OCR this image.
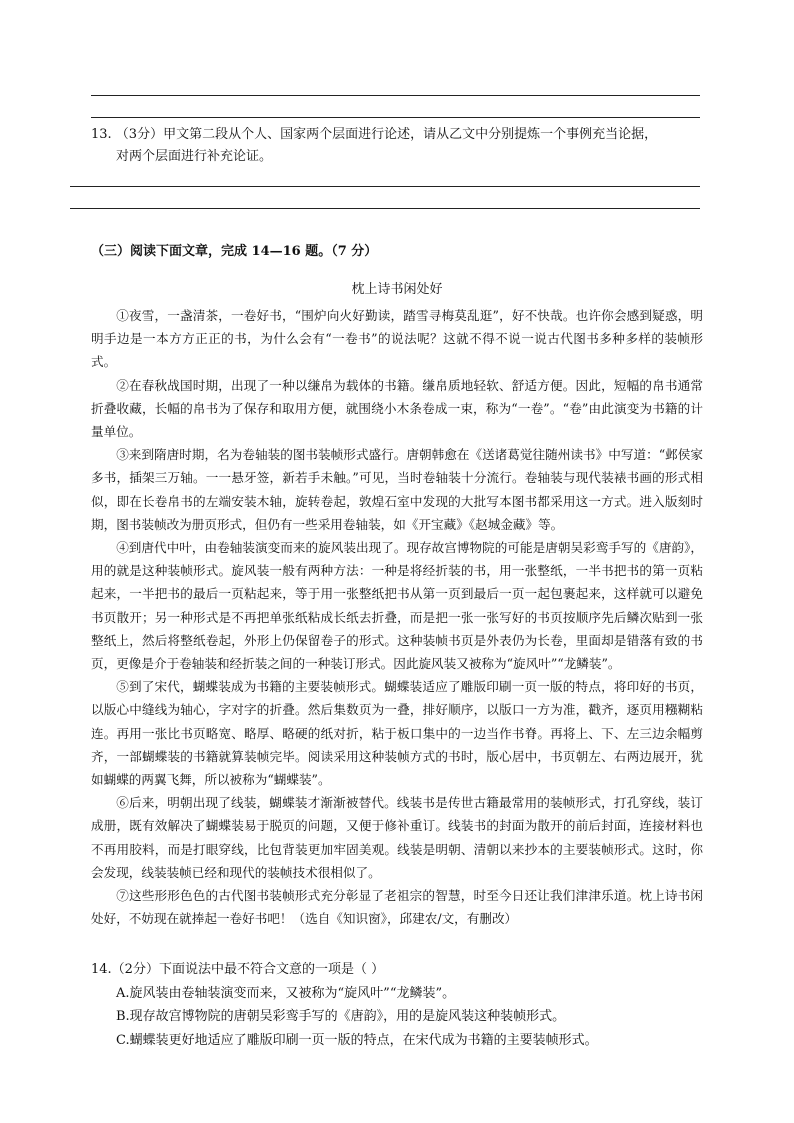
13. （3分）甲文第二段从个人、国家两个层面进行论述，请从乙文中分别提炼一个事例充当论据，
对两个层面进行补充论证。
（三）阅读下面文章，完成 14—16 题。（7 分）
枕上诗书闲处好

①夜雪，一盏清茶，一卷好书，“围炉向火好勤读，踏雪寻梅莫乱逛”，好不快哉。也许你会感到疑惑，明明手边是一本方方正正的书，为什么会有“一卷书”的说法呢？这就不得不说一说古代图书多种多样的装帧形式。

②在春秋战国时期，出现了一种以缣帛为载体的书籍。缣帛质地轻软、舒适方便。因此，短幅的帛书通常折叠收藏，长幅的帛书为了保存和取用方便，就围绕小木条卷成一束，称为“一卷”。“卷”由此演变为书籍的计量单位。

③来到隋唐时期，名为卷轴装的图书装帧形式盛行。唐朝韩愈在《送诸葛觉往随州读书》中写道：“邺侯家多书，插架三万轴。一一悬牙签，新若手未触。”可见，当时卷轴装十分流行。卷轴装与现代装裱书画的形式相似，即在长卷帛书的左端安装木轴，旋转卷起，敦煌石室中发现的大批写本图书都采用这一方式。进入版刻时期，图书装帧改为册页形式，但仍有一些采用卷轴装，如《开宝藏》《赵城金藏》等。

④到唐代中叶，由卷轴装演变而来的旋风装出现了。现存故宫博物院的可能是唐朝吴彩鸾手写的《唐韵》，用的就是这种装帧形式。旋风装一般有两种方法：一种是将经折装的书，用一张整纸，一半书把书的第一页粘起来，一半把书的最后一页粘起来，等于用一张整纸把书从第一页到最后一页一起包裹起来，这样就可以避免书页散开；另一种形式是不再把单张纸粘成长纸去折叠，而是把一张一张写好的书页按顺序先后鳞次贴到一张整纸上，然后将整纸卷起，外形上仍保留卷子的形式。这种装帧书页是外表仍为长卷，里面却是错落有致的书页，更像是介于卷轴装和经折装之间的一种装订形式。因此旋风装又被称为“旋风叶”“龙鳞装”。

⑤到了宋代，蝴蝶装成为书籍的主要装帧形式。蝴蝶装适应了雕版印刷一页一版的特点，将印好的书页，以版心中缝线为轴心，字对字的折叠。然后集数页为一叠，排好顺序，以版口一方为准，戳齐，逐页用糨糊粘连。再用一张比书页略宽、略厚、略硬的纸对折，粘于板口集中的一边当作书脊。再将上、下、左三边余幅剪齐，一部蝴蝶装的书籍就算装帧完毕。阅读采用这种装帧方式的书时，版心居中，书页朝左、右两边展开，犹如蝴蝶的两翼飞舞，所以被称为“蝴蝶装”。

⑥后来，明朝出现了线装，蝴蝶装才渐渐被替代。线装书是传世古籍最常用的装帧形式，打孔穿线，装订成册，既有效解决了蝴蝶装易于脱页的问题，又便于修补重订。线装书的封面为散开的前后封面，连接材料也不再用胶料，而是打眼穿线，比包背装更加牢固美观。线装是明朝、清朝以来抄本的主要装帧形式。这时，你会发现，线装装帧已经和现代的装帧技术很相似了。

⑦这些形形色色的古代图书装帧形式充分彰显了老祖宗的智慧，时至今日还让我们津津乐道。枕上诗书闲处好，不妨现在就捧起一卷好书吧！（选自《知识窗》，邱建农/文，有删改）

14.（2分）下面说法中最不符合文意的一项是（ ）
A.旋风装由卷轴装演变而来，又被称为“旋风叶”“龙鳞装”。
B.现存故宫博物院的唐朝吴彩鸾手写的《唐韵》，用的是旋风装这种装帧形式。
C.蝴蝶装更好地适应了雕版印刷一页一版的特点，在宋代成为书籍的主要装帧形式。
